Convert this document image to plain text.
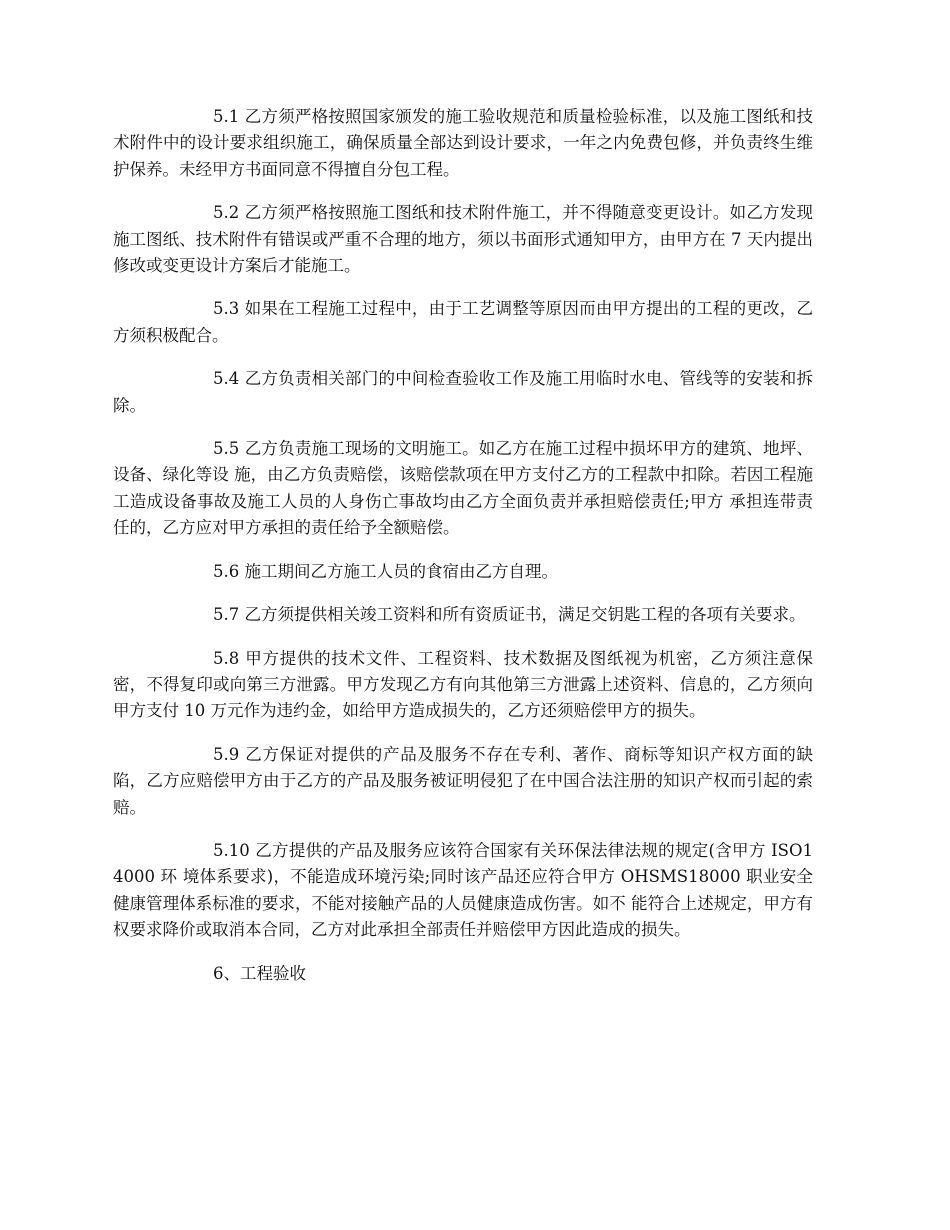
5.1 乙方须严格按照国家颁发的施工验收规范和质量检验标准，以及施工图纸和技术附件中的设计要求组织施工，确保质量全部达到设计要求，一年之内免费包修，并负责终生维护保养。未经甲方书面同意不得擅自分包工程。

5.2 乙方须严格按照施工图纸和技术附件施工，并不得随意变更设计。如乙方发现施工图纸、技术附件有错误或严重不合理的地方，须以书面形式通知甲方，由甲方在 7 天内提出修改或变更设计方案后才能施工。

5.3 如果在工程施工过程中，由于工艺调整等原因而由甲方提出的工程的更改，乙方须积极配合。

5.4 乙方负责相关部门的中间检查验收工作及施工用临时水电、管线等的安装和拆除。

5.5 乙方负责施工现场的文明施工。如乙方在施工过程中损坏甲方的建筑、地坪、设备、绿化等设 施，由乙方负责赔偿，该赔偿款项在甲方支付乙方的工程款中扣除。若因工程施工造成设备事故及施工人员的人身伤亡事故均由乙方全面负责并承担赔偿责任;甲方 承担连带责任的，乙方应对甲方承担的责任给予全额赔偿。

5.6 施工期间乙方施工人员的食宿由乙方自理。

5.7 乙方须提供相关竣工资料和所有资质证书，满足交钥匙工程的各项有关要求。

5.8 甲方提供的技术文件、工程资料、技术数据及图纸视为机密，乙方须注意保密，不得复印或向第三方泄露。甲方发现乙方有向其他第三方泄露上述资料、信息的，乙方须向甲方支付 10 万元作为违约金，如给甲方造成损失的，乙方还须赔偿甲方的损失。

5.9 乙方保证对提供的产品及服务不存在专利、著作、商标等知识产权方面的缺陷，乙方应赔偿甲方由于乙方的产品及服务被证明侵犯了在中国合法注册的知识产权而引起的索赔。

5.10 乙方提供的产品及服务应该符合国家有关环保法律法规的规定(含甲方 ISO14000 环 境体系要求)，不能造成环境污染;同时该产品还应符合甲方 OHSMS18000 职业安全健康管理体系标准的要求，不能对接触产品的人员健康造成伤害。如不 能符合上述规定，甲方有权要求降价或取消本合同，乙方对此承担全部责任并赔偿甲方因此造成的损失。

6、工程验收
